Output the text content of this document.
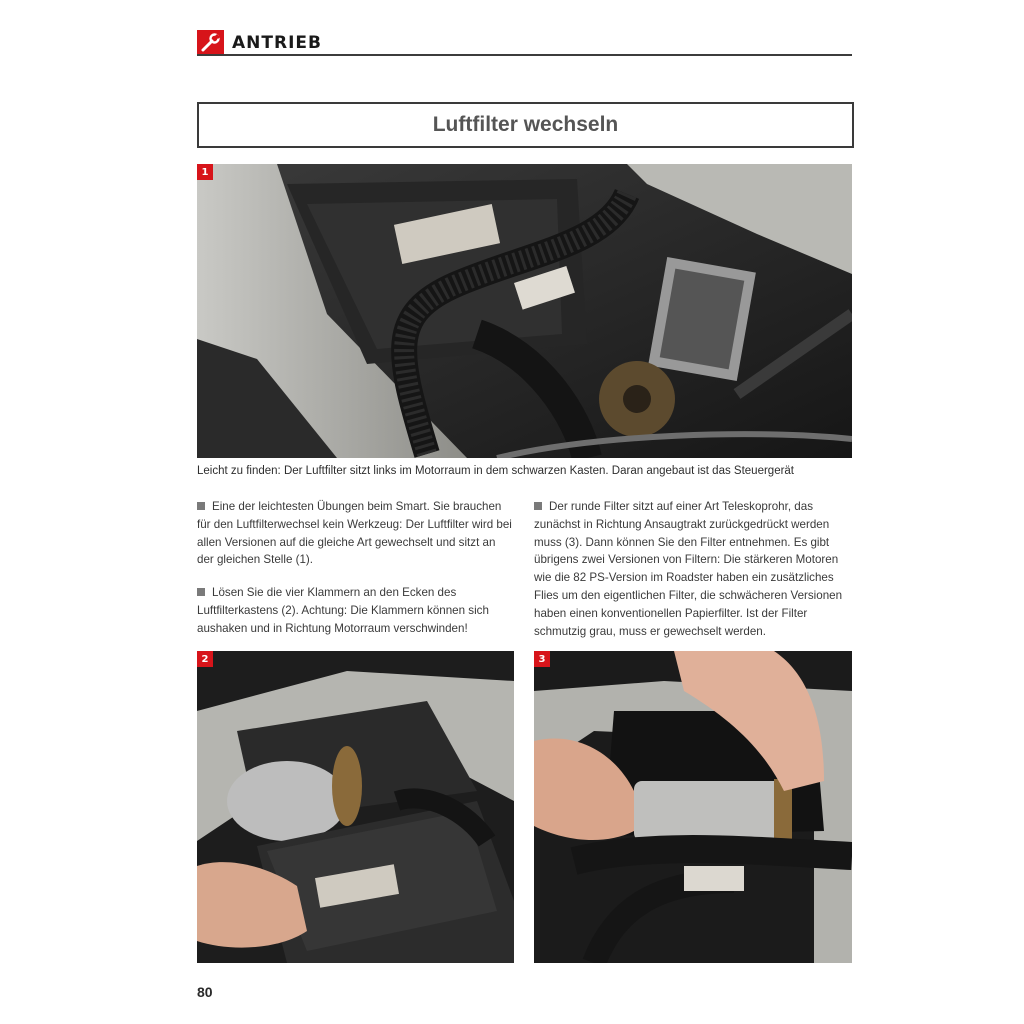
ANTRIEB
Luftfilter wechseln
1
Leicht zu finden: Der Luftfilter sitzt links im Motorraum in dem schwarzen Kasten. Daran angebaut ist das Steuergerät

Eine der leichtesten Übungen beim Smart. Sie brauchen für den Luftfilterwechsel kein Werkzeug: Der Luftfilter wird bei allen Versionen auf die gleiche Art gewechselt und sitzt an der gleichen Stelle (1).

Lösen Sie die vier Klammern an den Ecken des Luftfilterkastens (2). Achtung: Die Klammern können sich aushaken und in Richtung Motorraum verschwinden!

Der runde Filter sitzt auf einer Art Teleskoprohr, das zunächst in Richtung Ansaugtrakt zurückgedrückt werden muss (3). Dann können Sie den Filter entnehmen. Es gibt übrigens zwei Versionen von Filtern: Die stärkeren Motoren wie die 82 PS-Version im Roadster haben ein zusätzliches Flies um den eigentlichen Filter, die schwächeren Versionen haben einen konventionellen Papierfilter. Ist der Filter schmutzig grau, muss er gewechselt werden.

2	3
80
